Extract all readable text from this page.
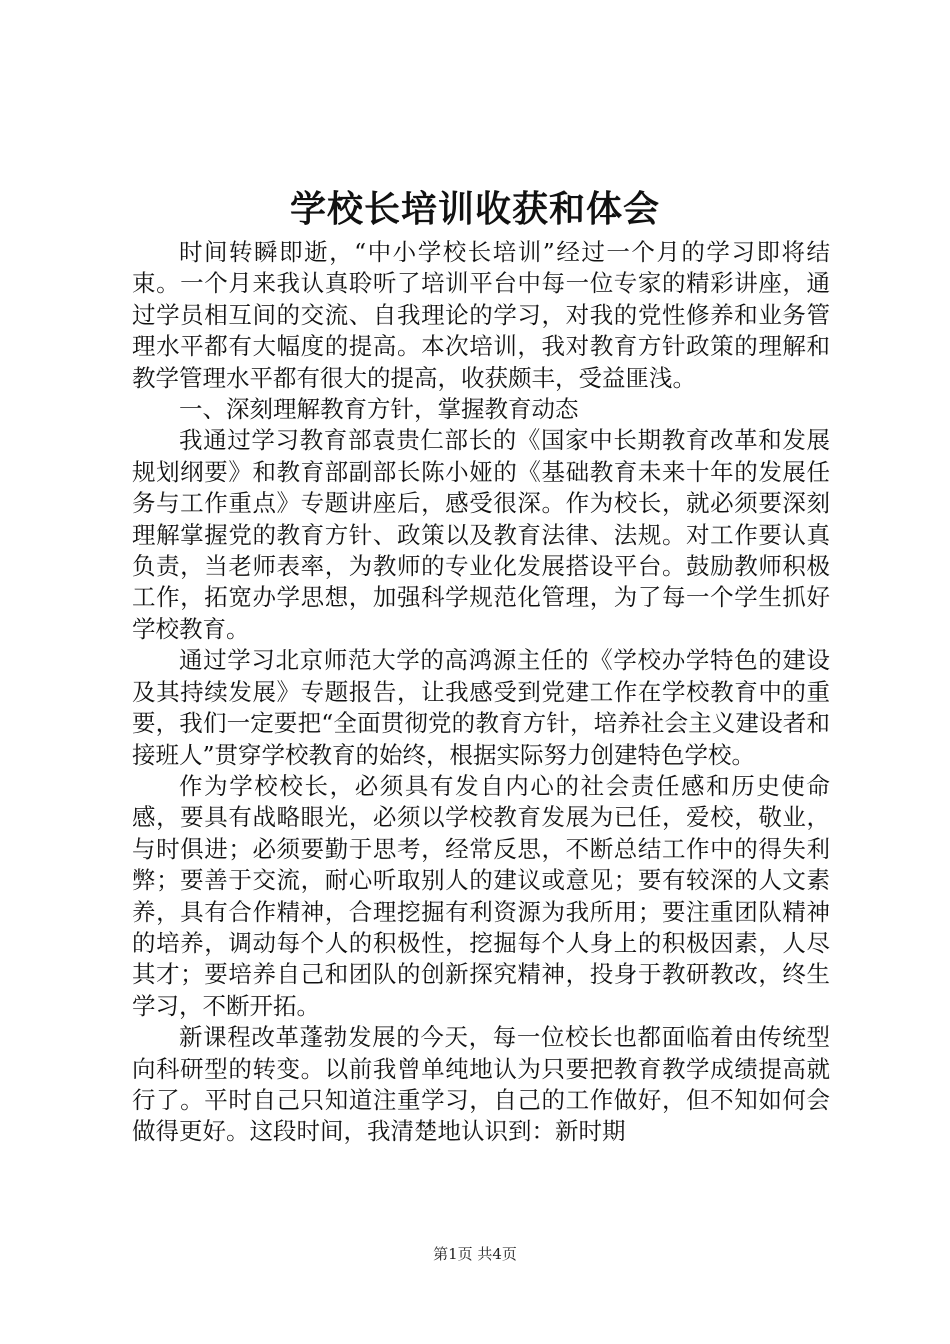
学校长培训收获和体会

时间转瞬即逝，“中小学校长培训”经过一个月的学习即将结束。一个月来我认真聆听了培训平台中每一位专家的精彩讲座，通过学员相互间的交流、自我理论的学习，对我的党性修养和业务管理水平都有大幅度的提高。本次培训，我对教育方针政策的理解和教学管理水平都有很大的提高，收获颇丰，受益匪浅。

一、深刻理解教育方针，掌握教育动态

我通过学习教育部袁贵仁部长的《国家中长期教育改革和发展规划纲要》和教育部副部长陈小娅的《基础教育未来十年的发展任务与工作重点》专题讲座后，感受很深。作为校长，就必须要深刻理解掌握党的教育方针、政策以及教育法律、法规。对工作要认真负责，当老师表率，为教师的专业化发展搭设平台。鼓励教师积极工作，拓宽办学思想，加强科学规范化管理，为了每一个学生抓好学校教育。

通过学习北京师范大学的高鸿源主任的《学校办学特色的建设及其持续发展》专题报告，让我感受到党建工作在学校教育中的重要，我们一定要把“全面贯彻党的教育方针，培养社会主义建设者和接班人”贯穿学校教育的始终，根据实际努力创建特色学校。

作为学校校长，必须具有发自内心的社会责任感和历史使命感，要具有战略眼光，必须以学校教育发展为已任，爱校，敬业，与时俱进；必须要勤于思考，经常反思，不断总结工作中的得失利弊；要善于交流，耐心听取别人的建议或意见；要有较深的人文素养，具有合作精神，合理挖掘有利资源为我所用；要注重团队精神的培养，调动每个人的积极性，挖掘每个人身上的积极因素，人尽其才；要培养自己和团队的创新探究精神，投身于教研教改，终生学习，不断开拓。

新课程改革蓬勃发展的今天，每一位校长也都面临着由传统型向科研型的转变。以前我曾单纯地认为只要把教育教学成绩提高就行了。平时自己只知道注重学习，自己的工作做好，但不知如何会做得更好。这段时间，我清楚地认识到：新时期

第1页 共4页
